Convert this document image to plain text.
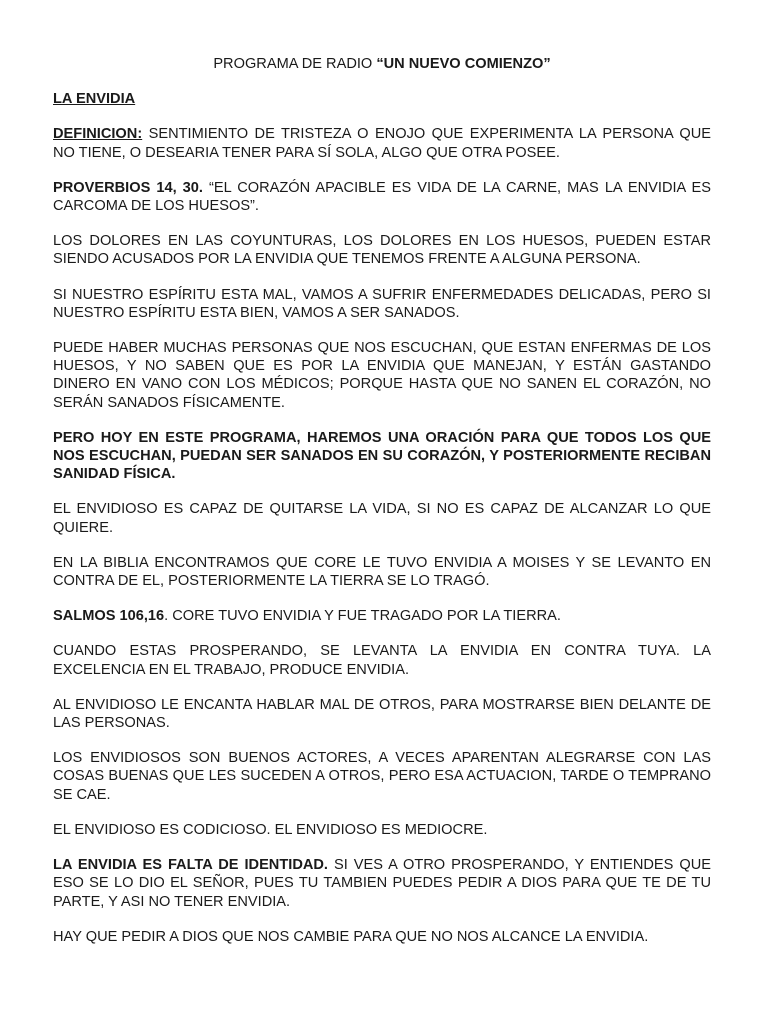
PROGRAMA DE RADIO “UN NUEVO COMIENZO”
LA ENVIDIA

DEFINICION: SENTIMIENTO DE TRISTEZA O ENOJO QUE EXPERIMENTA LA PERSONA QUE NO TIENE, O DESEARIA TENER PARA SÍ SOLA, ALGO QUE OTRA POSEE.

PROVERBIOS 14, 30. “EL CORAZÓN APACIBLE ES VIDA DE LA CARNE, MAS LA ENVIDIA ES CARCOMA DE LOS HUESOS”.

LOS DOLORES EN LAS COYUNTURAS, LOS DOLORES EN LOS HUESOS, PUEDEN ESTAR SIENDO ACUSADOS POR LA ENVIDIA QUE TENEMOS FRENTE A ALGUNA PERSONA.

SI NUESTRO ESPÍRITU ESTA MAL, VAMOS A SUFRIR ENFERMEDADES DELICADAS, PERO SI NUESTRO ESPÍRITU ESTA BIEN, VAMOS A SER SANADOS.

PUEDE HABER MUCHAS PERSONAS QUE NOS ESCUCHAN, QUE ESTAN ENFERMAS DE LOS HUESOS, Y NO SABEN QUE ES POR LA ENVIDIA QUE MANEJAN, Y ESTÁN GASTANDO DINERO EN VANO CON LOS MÉDICOS; PORQUE HASTA QUE NO SANEN EL CORAZÓN, NO SERÁN SANADOS FÍSICAMENTE.

PERO HOY EN ESTE PROGRAMA, HAREMOS UNA ORACIÓN PARA QUE TODOS LOS QUE NOS ESCUCHAN, PUEDAN SER SANADOS EN SU CORAZÓN, Y POSTERIORMENTE RECIBAN SANIDAD FÍSICA.

EL ENVIDIOSO ES CAPAZ DE QUITARSE LA VIDA, SI NO ES CAPAZ DE ALCANZAR LO QUE QUIERE.

EN LA BIBLIA ENCONTRAMOS QUE CORE LE TUVO ENVIDIA A MOISES Y SE LEVANTO EN CONTRA DE EL, POSTERIORMENTE LA TIERRA SE LO TRAGÓ.

SALMOS 106,16. CORE TUVO ENVIDIA Y FUE TRAGADO POR LA TIERRA.

CUANDO ESTAS PROSPERANDO, SE LEVANTA LA ENVIDIA EN CONTRA TUYA. LA EXCELENCIA EN EL TRABAJO, PRODUCE ENVIDIA.

AL ENVIDIOSO LE ENCANTA HABLAR MAL DE OTROS, PARA MOSTRARSE BIEN DELANTE DE LAS PERSONAS.

LOS ENVIDIOSOS SON BUENOS ACTORES, A VECES APARENTAN ALEGRARSE CON LAS COSAS BUENAS QUE LES SUCEDEN A OTROS, PERO ESA ACTUACION, TARDE O TEMPRANO SE CAE.

EL ENVIDIOSO ES CODICIOSO. EL ENVIDIOSO ES MEDIOCRE.

LA ENVIDIA ES FALTA DE IDENTIDAD. SI VES A OTRO PROSPERANDO, Y ENTIENDES QUE ESO SE LO DIO EL SEÑOR, PUES TU TAMBIEN PUEDES PEDIR A DIOS PARA QUE TE DE TU PARTE, Y ASI NO TENER ENVIDIA.

HAY QUE PEDIR A DIOS QUE NOS CAMBIE PARA QUE NO NOS ALCANCE LA ENVIDIA.
